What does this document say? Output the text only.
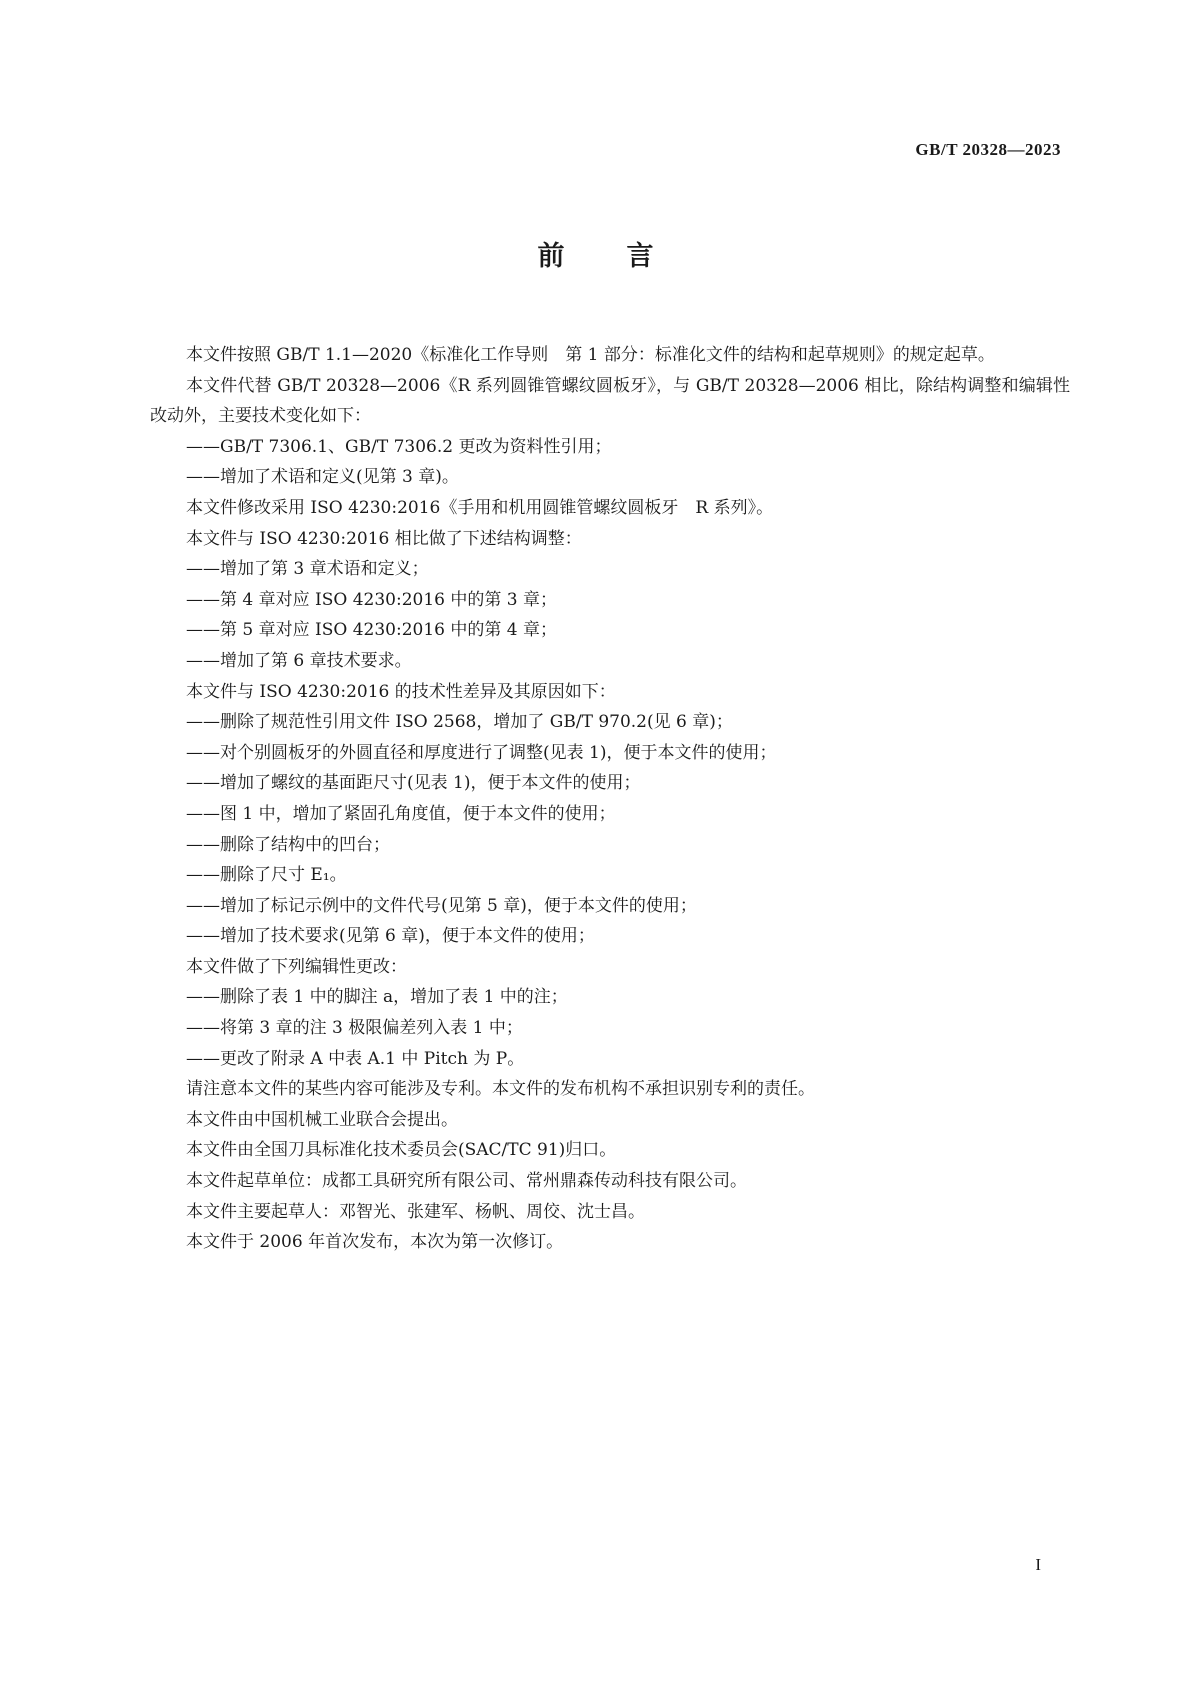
GB/T 20328—2023
前 言

本文件按照 GB/T 1.1—2020《标准化工作导则　第 1 部分：标准化文件的结构和起草规则》的规定起草。

本文件代替 GB/T 20328—2006《R 系列圆锥管螺纹圆板牙》，与 GB/T 20328—2006 相比，除结构调整和编辑性改动外，主要技术变化如下：

——GB/T 7306.1、GB/T 7306.2 更改为资料性引用；

——增加了术语和定义(见第 3 章)。

本文件修改采用 ISO 4230:2016《手用和机用圆锥管螺纹圆板牙　R 系列》。

本文件与 ISO 4230:2016 相比做了下述结构调整：

——增加了第 3 章术语和定义；

——第 4 章对应 ISO 4230:2016 中的第 3 章；

——第 5 章对应 ISO 4230:2016 中的第 4 章；

——增加了第 6 章技术要求。

本文件与 ISO 4230:2016 的技术性差异及其原因如下：

——删除了规范性引用文件 ISO 2568，增加了 GB/T 970.2(见 6 章)；

——对个别圆板牙的外圆直径和厚度进行了调整(见表 1)，便于本文件的使用；

——增加了螺纹的基面距尺寸(见表 1)，便于本文件的使用；

——图 1 中，增加了紧固孔角度值，便于本文件的使用；

——删除了结构中的凹台；

——删除了尺寸 E₁。

——增加了标记示例中的文件代号(见第 5 章)，便于本文件的使用；

——增加了技术要求(见第 6 章)，便于本文件的使用；

本文件做了下列编辑性更改：

——删除了表 1 中的脚注 a，增加了表 1 中的注；

——将第 3 章的注 3 极限偏差列入表 1 中；

——更改了附录 A 中表 A.1 中 Pitch 为 P。

请注意本文件的某些内容可能涉及专利。本文件的发布机构不承担识别专利的责任。

本文件由中国机械工业联合会提出。

本文件由全国刀具标准化技术委员会(SAC/TC 91)归口。

本文件起草单位：成都工具研究所有限公司、常州鼎森传动科技有限公司。

本文件主要起草人：邓智光、张建军、杨帆、周佼、沈士昌。

本文件于 2006 年首次发布，本次为第一次修订。

I
